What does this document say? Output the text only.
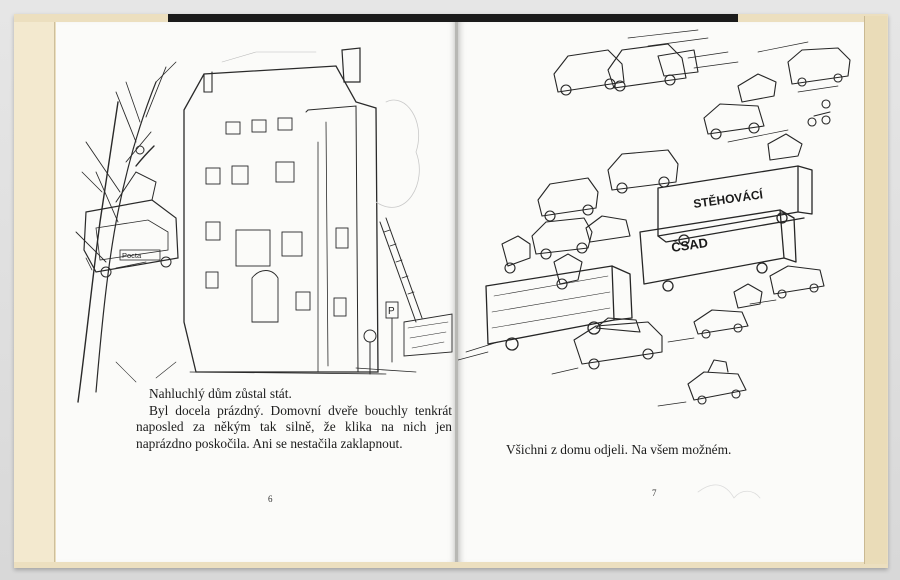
P
Pocta

Nahluchlý dům zůstal stát.

Byl docela prázdný. Domovní dveře bouchly tenkrát naposled za někým tak silně, že klika na nich jen naprázdno poskočila. Ani se nestačila zaklapnout.

6
STĚHOVÁCÍ
ČSAD
Všichni z domu odjeli. Na všem možném.
7
